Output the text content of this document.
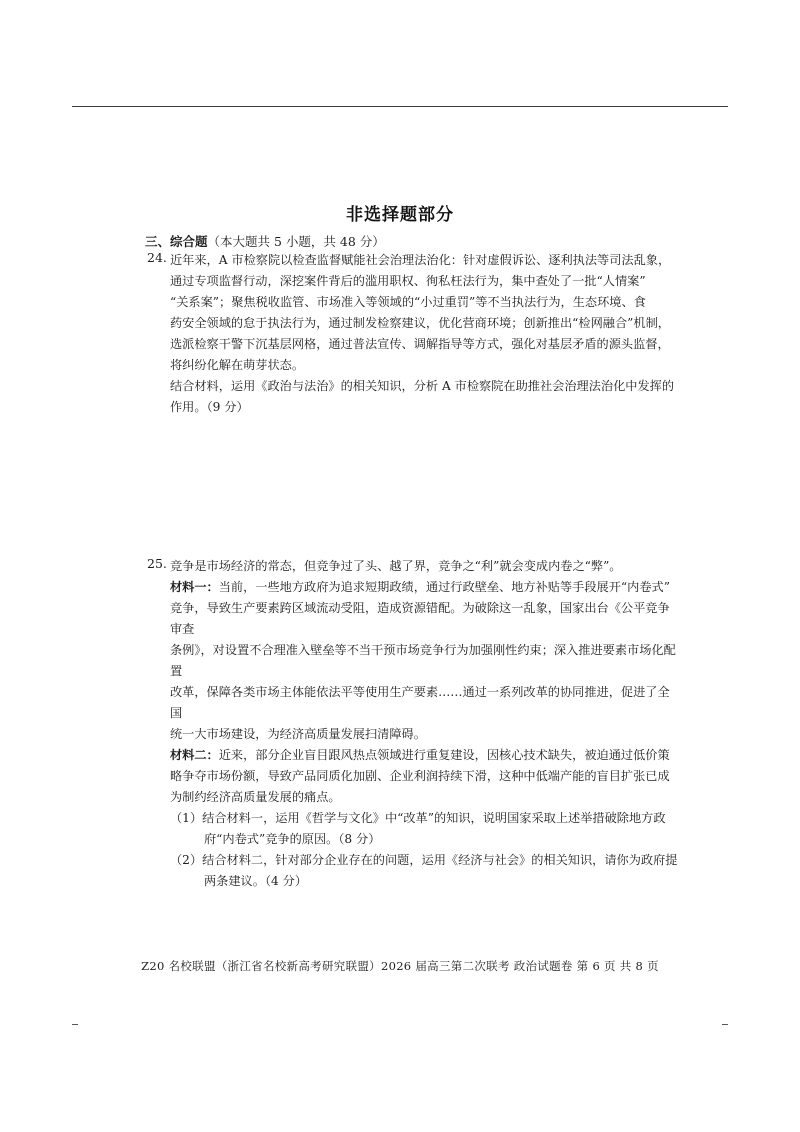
非选择题部分
三、综合题（本大题共 5 小题，共 48 分）
24. 近年来，A 市检察院以检查监督赋能社会治理法治化：针对虚假诉讼、逐利执法等司法乱象，

通过专项监督行动，深挖案件背后的滥用职权、徇私枉法行为，集中查处了一批“人情案”

“关系案”；聚焦税收监管、市场准入等领域的“小过重罚”等不当执法行为，生态环境、食

药安全领域的怠于执法行为，通过制发检察建议，优化营商环境；创新推出“检网融合”机制，

选派检察干警下沉基层网格，通过普法宣传、调解指导等方式，强化对基层矛盾的源头监督，

将纠纷化解在萌芽状态。

结合材料，运用《政治与法治》的相关知识，分析 A 市检察院在助推社会治理法治化中发挥的

作用。（9 分）

25. 竞争是市场经济的常态，但竞争过了头、越了界，竞争之“利”就会变成内卷之“弊”。

材料一：当前，一些地方政府为追求短期政绩，通过行政壁垒、地方补贴等手段展开“内卷式”

竞争，导致生产要素跨区域流动受阻，造成资源错配。为破除这一乱象，国家出台《公平竞争审查

条例》，对设置不合理准入壁垒等不当干预市场竞争行为加强刚性约束；深入推进要素市场化配置

改革，保障各类市场主体能依法平等使用生产要素……通过一系列改革的协同推进，促进了全国

统一大市场建设，为经济高质量发展扫清障碍。

材料二：近来，部分企业盲目跟风热点领域进行重复建设，因核心技术缺失，被迫通过低价策

略争夺市场份额，导致产品同质化加剧、企业利润持续下滑，这种中低端产能的盲目扩张已成

为制约经济高质量发展的痛点。

（1）结合材料一，运用《哲学与文化》中“改革”的知识，说明国家采取上述举措破除地方政

府“内卷式”竞争的原因。（8 分）

（2）结合材料二，针对部分企业存在的问题，运用《经济与社会》的相关知识，请你为政府提

两条建议。（4 分）

Z20 名校联盟（浙江省名校新高考研究联盟）2026 届高三第二次联考 政治试题卷 第 6 页 共 8 页
